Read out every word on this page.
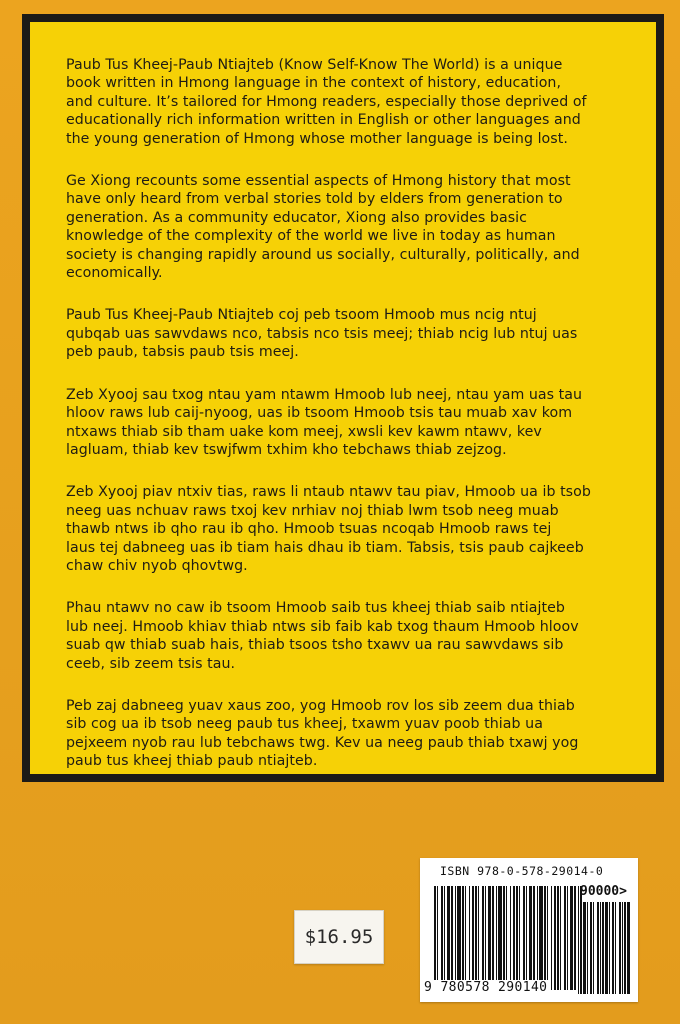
Paub Tus Kheej-Paub Ntiajteb (Know Self-Know The World) is a unique
book written in Hmong language in the context of history, education,
and culture. It’s tailored for Hmong readers, especially those deprived of
educationally rich information written in English or other languages and
the young generation of Hmong whose mother language is being lost.

Ge Xiong recounts some essential aspects of Hmong history that most
have only heard from verbal stories told by elders from generation to
generation. As a community educator, Xiong also provides basic
knowledge of the complexity of the world we live in today as human
society is changing rapidly around us socially, culturally, politically, and
economically.

Paub Tus Kheej-Paub Ntiajteb coj peb tsoom Hmoob mus ncig ntuj
qubqab uas sawvdaws nco, tabsis nco tsis meej; thiab ncig lub ntuj uas
peb paub, tabsis paub tsis meej.

Zeb Xyooj sau txog ntau yam ntawm Hmoob lub neej, ntau yam uas tau
hloov raws lub caij-nyoog, uas ib tsoom Hmoob tsis tau muab xav kom
ntxaws thiab sib tham uake kom meej, xwsli kev kawm ntawv, kev
lagluam, thiab kev tswjfwm txhim kho tebchaws thiab zejzog.

Zeb Xyooj piav ntxiv tias, raws li ntaub ntawv tau piav, Hmoob ua ib tsob
neeg uas nchuav raws txoj kev nrhiav noj thiab lwm tsob neeg muab
thawb ntws ib qho rau ib qho. Hmoob tsuas ncoqab Hmoob raws tej
laus tej dabneeg uas ib tiam hais dhau ib tiam. Tabsis, tsis paub cajkeeb
chaw chiv nyob qhovtwg.

Phau ntawv no caw ib tsoom Hmoob saib tus kheej thiab saib ntiajteb
lub neej. Hmoob khiav thiab ntws sib faib kab txog thaum Hmoob hloov
suab qw thiab suab hais, thiab tsoos tsho txawv ua rau sawvdaws sib
ceeb, sib zeem tsis tau.

Peb zaj dabneeg yuav xaus zoo, yog Hmoob rov los sib zeem dua thiab
sib cog ua ib tsob neeg paub tus kheej, txawm yuav poob thiab ua
pejxeem nyob rau lub tebchaws twg. Kev ua neeg paub thiab txawj yog
paub tus kheej thiab paub ntiajteb.

$16.95
ISBN 978-0-578-29014-0
90000>
9 780578 290140
